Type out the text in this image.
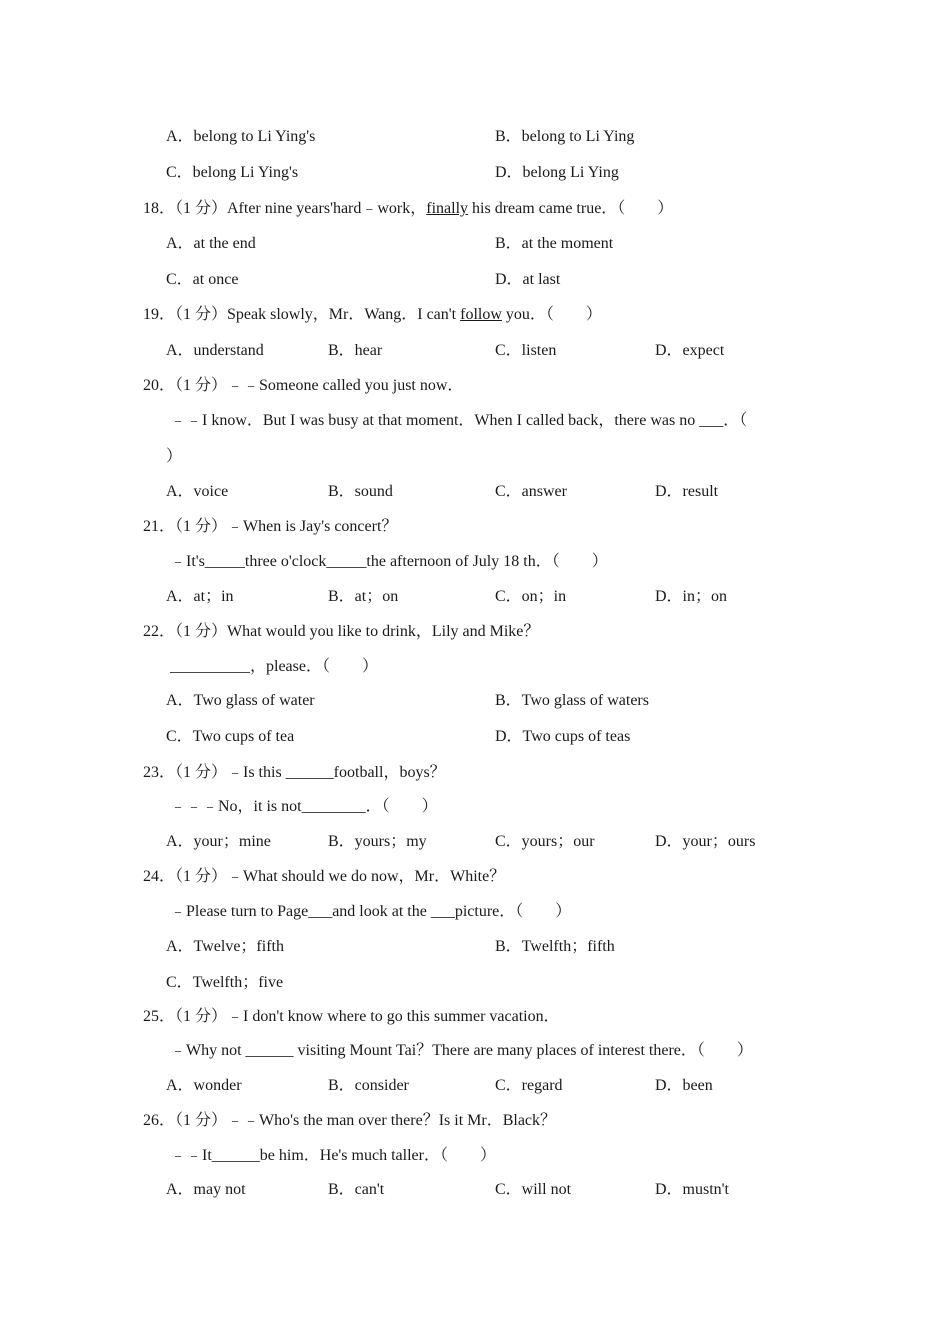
A．belong to Li Ying's	B．belong to Li Ying
C．belong Li Ying's	D．belong Li Ying
18．（1 分）After nine years'hard﹣work，finally his dream came true．（　　）
A．at the end	B．at the moment
C．at once	D．at last
19．（1 分）Speak slowly，Mr．Wang．I can't follow you．（　　）
A．understand	B．hear	C．listen	D．expect
20．（1 分）﹣﹣Someone called you just now．
﹣﹣I know．But I was busy at that moment．When I called back，there was no ___．（
）
A．voice	B．sound	C．answer	D．result
21．（1 分）﹣When is Jay's concert？
﹣It's_____three o'clock_____the afternoon of July 18 th．（　　）
A．at；in	B．at；on	C．on；in	D．in；on
22．（1 分）What would you like to drink，Lily and Mike？
__________，please．（　　）
A．Two glass of water	B．Two glass of waters
C．Two cups of tea	D．Two cups of teas
23．（1 分）﹣Is this ______football，boys？
﹣﹣﹣No，it is not________．（　　）
A．your；mine	B．yours；my	C．yours；our	D．your；ours
24．（1 分）﹣What should we do now，Mr．White？
﹣Please turn to Page___and look at the ___picture．（　　）
A．Twelve；fifth	B．Twelfth；fifth
C．Twelfth；five
25．（1 分）﹣I don't know where to go this summer vacation．
﹣Why not ______ visiting Mount Tai？There are many places of interest there．（　　）
A．wonder	B．consider	C．regard	D．been
26．（1 分）﹣﹣Who's the man over there？Is it Mr．Black？
﹣﹣It______be him．He's much taller．（　　）
A．may not	B．can't	C．will not	D．mustn't
